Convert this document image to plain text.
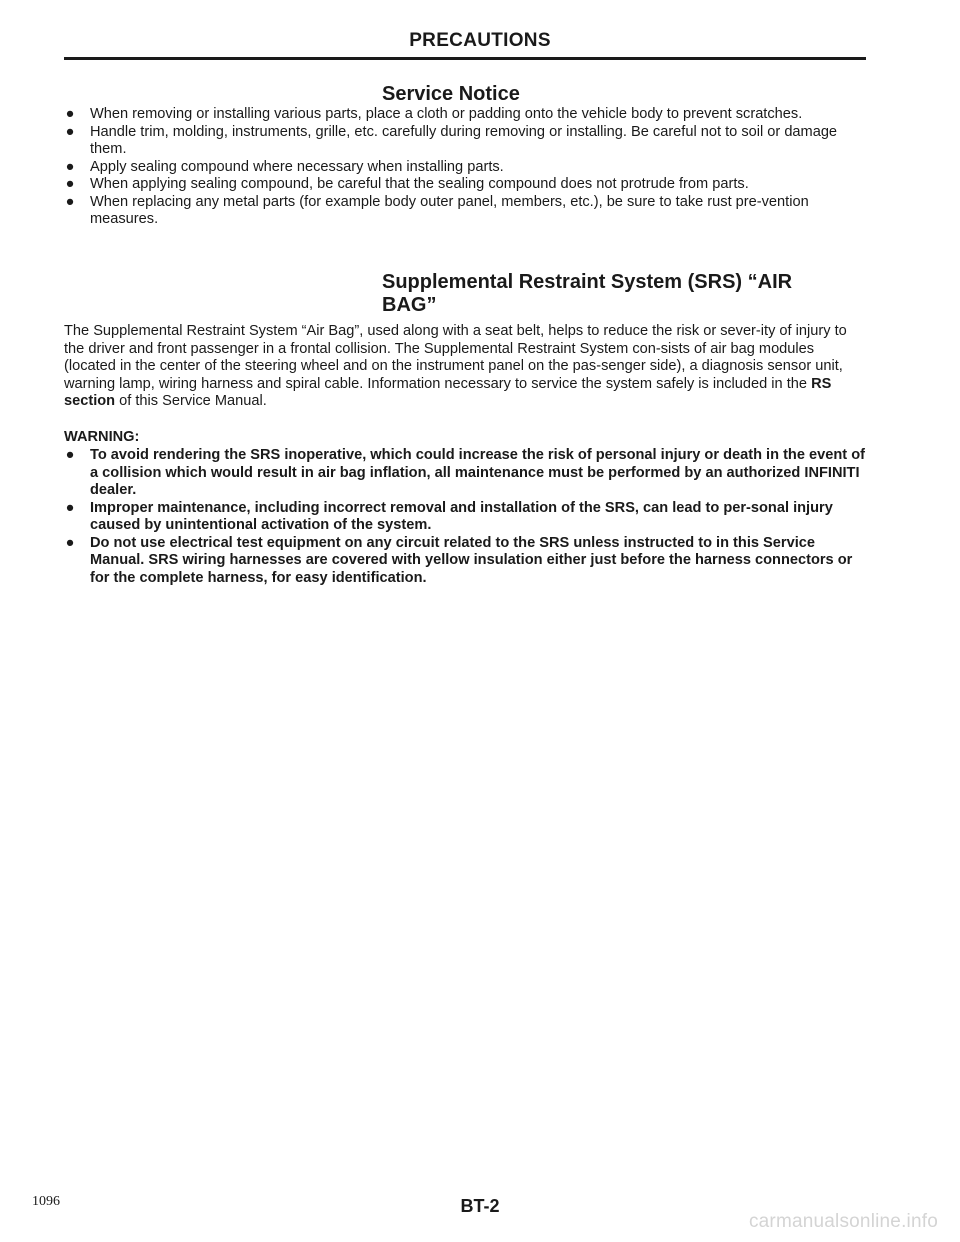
PRECAUTIONS
Service Notice
● When removing or installing various parts, place a cloth or padding onto the vehicle body to prevent scratches.
● Handle trim, molding, instruments, grille, etc. carefully during removing or installing. Be careful not to soil or damage them.
● Apply sealing compound where necessary when installing parts.
● When applying sealing compound, be careful that the sealing compound does not protrude from parts.
● When replacing any metal parts (for example body outer panel, members, etc.), be sure to take rust pre-vention measures.
Supplemental Restraint System (SRS) “AIR BAG”

The Supplemental Restraint System “Air Bag”, used along with a seat belt, helps to reduce the risk or sever-ity of injury to the driver and front passenger in a frontal collision. The Supplemental Restraint System con-sists of air bag modules (located in the center of the steering wheel and on the instrument panel on the pas-senger side), a diagnosis sensor unit, warning lamp, wiring harness and spiral cable. Information necessary to service the system safely is included in the RS section of this Service Manual.

WARNING:

● To avoid rendering the SRS inoperative, which could increase the risk of personal injury or death in the event of a collision which would result in air bag inflation, all maintenance must be performed by an authorized INFINITI dealer.
● Improper maintenance, including incorrect removal and installation of the SRS, can lead to per-sonal injury caused by unintentional activation of the system.
● Do not use electrical test equipment on any circuit related to the SRS unless instructed to in this Service Manual. SRS wiring harnesses are covered with yellow insulation either just before the harness connectors or for the complete harness, for easy identification.
1096	BT-2
carmanualsonline.info
